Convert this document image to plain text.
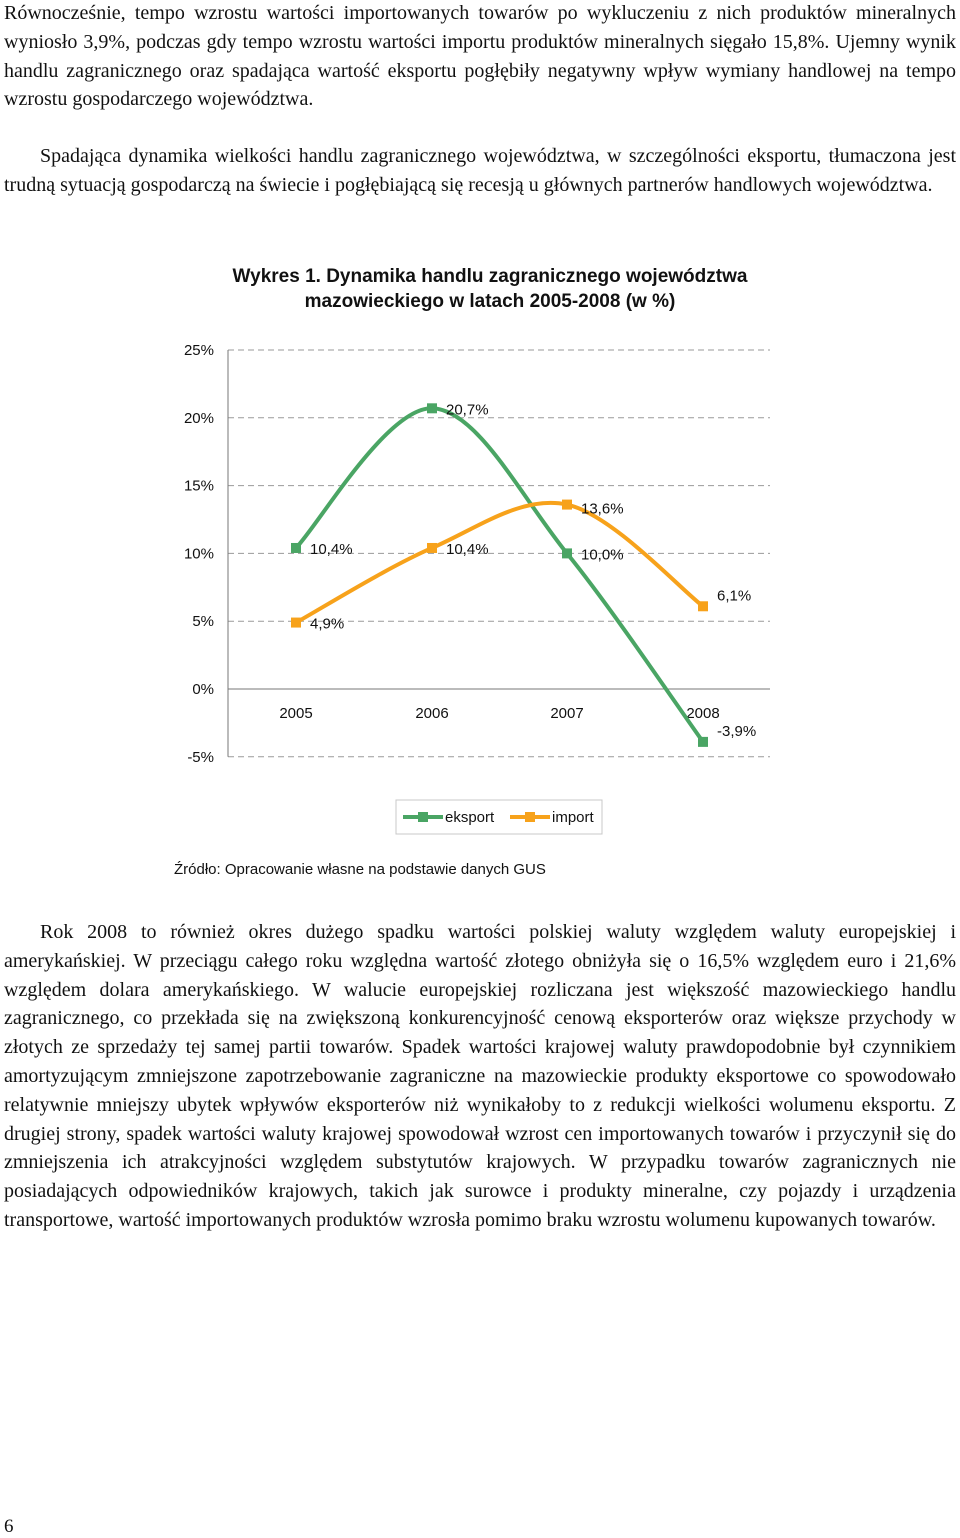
Równocześnie, tempo wzrostu wartości importowanych towarów po wykluczeniu z nich produktów mineralnych wyniosło 3,9%, podczas gdy tempo wzrostu wartości importu produktów mineralnych sięgało 15,8%. Ujemny wynik handlu zagranicznego oraz spadająca wartość eksportu pogłębiły negatywny wpływ wymiany handlowej na tempo wzrostu gospodarczego województwa.

Spadająca dynamika wielkości handlu zagranicznego województwa, w szczególności eksportu, tłumaczona jest trudną sytuacją gospodarczą na świecie i pogłębiającą się recesją u głównych partnerów handlowych województwa.

Wykres 1. Dynamika handlu zagranicznego województwa
mazowieckiego w latach 2005-2008 (w %)
-5%
0%
5%
10%
15%
20%
25%
2005	2006	2007	2008
10,4%
20,7%
10,0%
-3,9%
4,9%
10,4%
13,6%
6,1%
eksport	import
Źródło: Opracowanie własne na podstawie danych GUS

Rok 2008 to również okres dużego spadku wartości polskiej waluty względem waluty europejskiej i amerykańskiej. W przeciągu całego roku względna wartość złotego obniżyła się o 16,5% względem euro i 21,6% względem dolara amerykańskiego. W walucie europejskiej rozliczana jest większość mazowieckiego handlu zagranicznego, co przekłada się na zwiększoną konkurencyjność cenową eksporterów oraz większe przychody w złotych ze sprzedaży tej samej partii towarów. Spadek wartości krajowej waluty prawdopodobnie był czynnikiem amortyzującym zmniejszone zapotrzebowanie zagraniczne na mazowieckie produkty eksportowe co spowodowało relatywnie mniejszy ubytek wpływów eksporterów niż wynikałoby to z redukcji wielkości wolumenu eksportu. Z drugiej strony, spadek wartości waluty krajowej spowodował wzrost cen importowanych towarów i przyczynił się do zmniejszenia ich atrakcyjności względem substytutów krajowych. W przypadku towarów zagranicznych nie posiadających odpowiedników krajowych, takich jak surowce i produkty mineralne, czy pojazdy i urządzenia transportowe, wartość importowanych produktów wzrosła pomimo braku wzrostu wolumenu kupowanych towarów.

6
